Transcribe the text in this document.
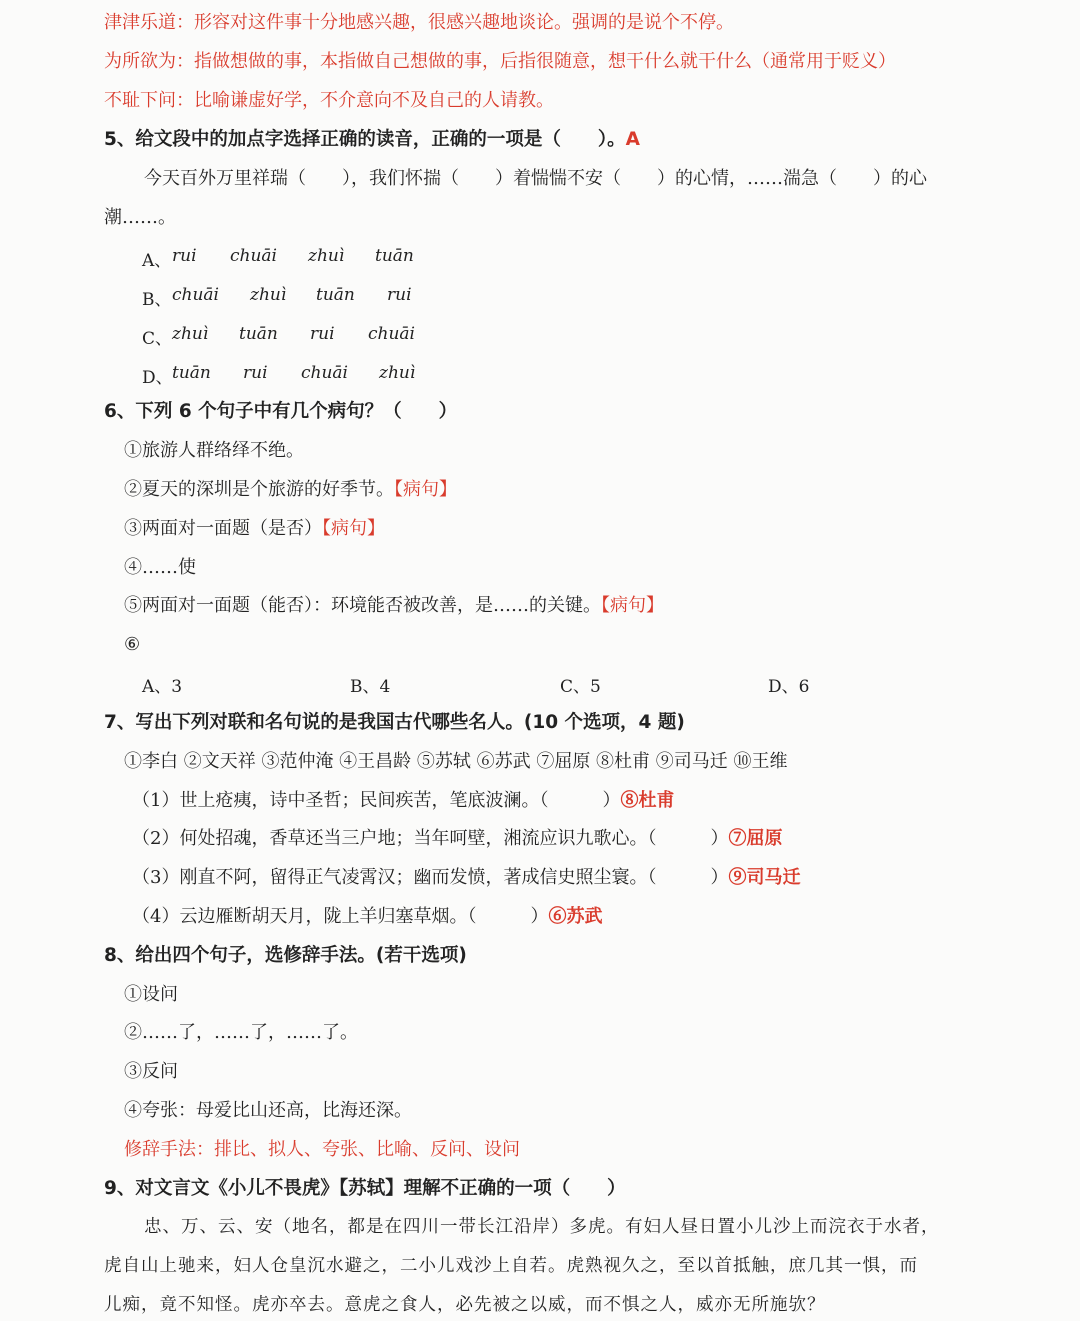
津津乐道：形容对这件事十分地感兴趣，很感兴趣地谈论。强调的是说个不停。
为所欲为：指做想做的事，本指做自己想做的事，后指很随意，想干什么就干什么（通常用于贬义）
不耻下问：比喻谦虚好学，不介意向不及自己的人请教。
5、给文段中的加点字选择正确的读音，正确的一项是（　　）。A
今天百外万里祥瑞（　　），我们怀揣（　　）着惴惴不安（　　）的心情，……湍急（　　）的心
潮……。
A、 rui chuāi zhuì tuān
B、 chuāi zhuì tuān rui
C、 zhuì tuān rui chuāi
D、 tuān rui chuāi zhuì
6、下列 6 个句子中有几个病句？（　　）
①旅游人群络绎不绝。
②夏天的深圳是个旅游的好季节。【病句】
③两面对一面题（是否）【病句】
④……使
⑤两面对一面题（能否）：环境能否被改善，是……的关键。【病句】
⑥
A、3	B、4	C、5	D、6
7、写出下列对联和名句说的是我国古代哪些名人。(10 个选项，4 题)
①李白 ②文天祥 ③范仲淹 ④王昌龄 ⑤苏轼 ⑥苏武 ⑦屈原 ⑧杜甫 ⑨司马迁 ⑩王维
（1）世上疮痍，诗中圣哲；民间疾苦，笔底波澜。（　　　）⑧杜甫
（2）何处招魂，香草还当三户地；当年呵壁，湘流应识九歌心。（　　　）⑦屈原
（3）刚直不阿，留得正气凌霄汉；幽而发愤，著成信史照尘寰。（　　　）⑨司马迁
（4）云边雁断胡天月，陇上羊归塞草烟。（　　　）⑥苏武
8、给出四个句子，选修辞手法。(若干选项)
①设问
②……了，……了，……了。
③反问
④夸张：母爱比山还高，比海还深。
修辞手法：排比、拟人、夸张、比喻、反问、设问
9、对文言文《小儿不畏虎》【苏轼】理解不正确的一项（　　）
忠、万、云、安（地名，都是在四川一带长江沿岸）多虎。有妇人昼日置小儿沙上而浣衣于水者，
虎自山上驰来，妇人仓皇沉水避之，二小儿戏沙上自若。虎熟视久之，至以首抵触，庶几其一惧，而
儿痴，竟不知怪。虎亦卒去。意虎之食人，必先被之以威，而不惧之人，威亦无所施欤？
